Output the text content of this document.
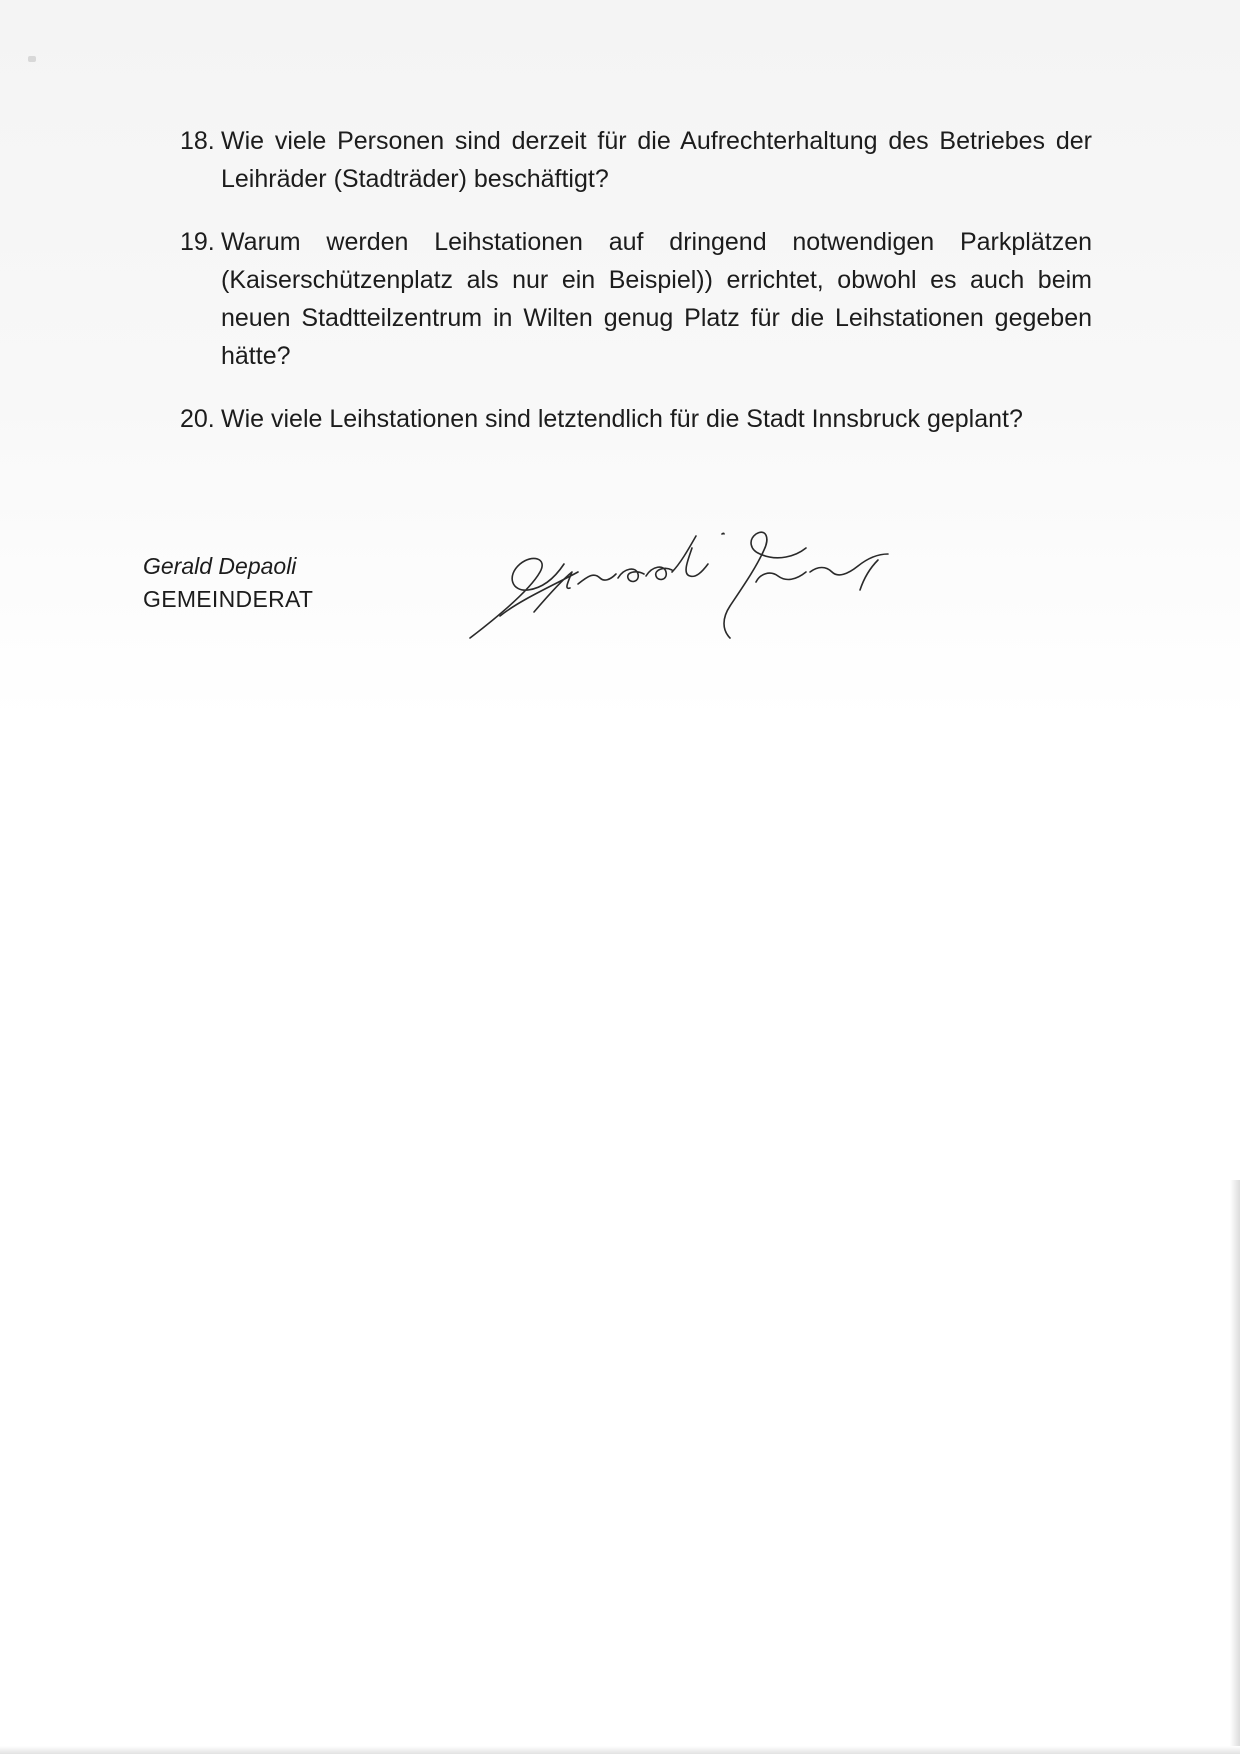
18. Wie viele Personen sind derzeit für die Aufrechterhaltung des Betriebes der Leihräder (Stadträder) beschäftigt?
19. Warum werden Leihstationen auf dringend notwendigen Parkplätzen (Kaiserschützenplatz als nur ein Beispiel)) errichtet, obwohl es auch beim neuen Stadtteilzentrum in Wilten genug Platz für die Leihstationen gegeben hätte?
20. Wie viele Leihstationen sind letztendlich für die Stadt Innsbruck geplant?
Gerald Depaoli
GEMEINDERAT
